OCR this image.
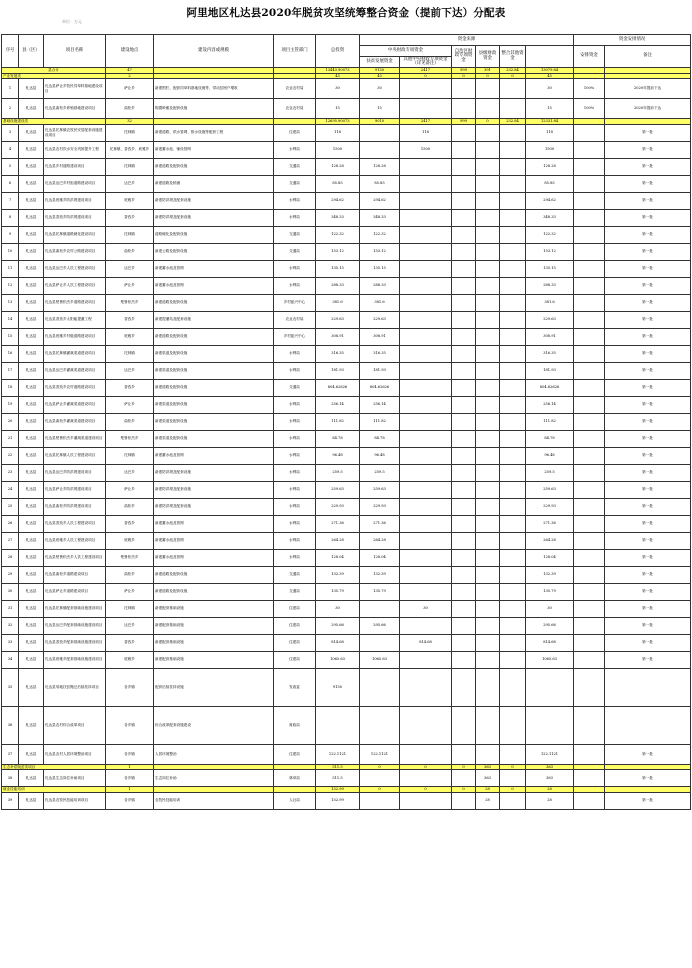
阿里地区札达县2020年脱贫攻坚统筹整合资金（提前下达）分配表
单位：万元
序号	县（区）	项目名称	建设地点	建设内容或规模	项目主管部门	总投资	资金来源						资金安排情况	
							中央财政专项资金		自治区财政专项资金	县级财政资金	整合其他资金		安排资金	备注
							扶贫发展资金	其他中央财政专项资金（详见备注）						
县合计			47			13443.90073	9150	2417	999	391	232.84	13079.84		
产业发展类			2			45	45	0	0	0	0	45		
1	札达县	札达县萨让乡牧民饲草料基地建设项目	萨让乡	新建围栏、配套饲草料基地设施等，带动贫困户增收	农业农村局	30	30					30	100%	2020年提前下达
2	札达县	札达县曲松乡养殖基地建设项目	曲松乡	购置种畜及配套设施	农业农村局	15	15					15	100%	2020年提前下达
基础设施建设类			32			12695.90073	9010	2417	999	0	232.84	12331.84		
3	札达县	札达县托林镇农牧民安居配套设施建设项目	托林镇	新建道路、供水管网、排水设施等配套工程	住建局	118		118				118		第一批
4	札达县	札达县农村饮水安全巩固提升工程	托林镇、香孜乡、底雅乡	新建蓄水池、铺设管网	水利局	1500		1500				1500		第一批
5	札达县	札达县乡村道路建设项目	托林镇	新建道路及配套设施	交通局	128.28	128.28					128.28		第一批
6	札达县	札达县达巴乡村组道路建设项目	达巴乡	新建道路及桥涵	交通局	85.85	85.85					85.85		第一批
7	札达县	札达县底雅乡防洪堤建设项目	底雅乡	新建防洪堤及配套设施	水利局	294.62	294.62					294.62		第一批
8	札达县	札达县香孜乡防洪堤建设项目	香孜乡	新建防洪堤及配套设施	水利局	348.33	348.33					348.33		第一批
9	札达县	札达县托林镇道路硬化建设项目	托林镇	道路硬化及配套设施	交通局	122.32	122.32					122.32		第一批
10	札达县	札达县曲松乡农村公路建设项目	曲松乡	新建公路及配套设施	交通局	153.12	153.12					153.12		第一批
11	札达县	札达县达巴乡人饮工程建设项目	达巴乡	新建蓄水池及管网	水利局	135.15	135.15					135.15		第一批
12	札达县	札达县萨让乡人饮工程建设项目	萨让乡	新建蓄水池及管网	水利局	288.33	288.33					288.33		第一批
13	札达县	札达县楚鲁松杰乡道路建设项目	楚鲁松杰乡	新建道路及配套设施	乡村振兴中心	381.6	381.6					381.6		第一批
14	札达县	札达县香孜乡太阳能提灌工程	香孜乡	新建提灌站及配套设施	农业农村局	229.63	229.63					229.63		第一批
15	札达县	札达县底雅乡村级道路建设项目	底雅乡	新建道路及配套设施	乡村振兴中心	308.91	308.91					308.91		第一批
16	札达县	札达县托林镇灌溉渠道建设项目	托林镇	新建渠道及配套设施	水利局	316.35	316.35					316.35		第一批
17	札达县	札达县达巴乡灌溉渠道建设项目	达巴乡	新建渠道及配套设施	水利局	181.93	181.93					181.93		第一批
18	札达县	札达县香孜乡农村道路建设项目	香孜乡	新建道路及配套设施	交通局	804.62626	804.62626					804.62626		第一批
19	札达县	札达县萨让乡灌溉渠道建设项目	萨让乡	新建渠道及配套设施	水利局	256.14	256.14					256.14		第一批
20	札达县	札达县曲松乡灌溉渠道建设项目	曲松乡	新建渠道及配套设施	水利局	111.82	111.82					111.82		第一批
21	札达县	札达县楚鲁松杰乡灌溉渠道建设项目	楚鲁松杰乡	新建渠道及配套设施	水利局	84.78	84.78					84.78		第一批
22	札达县	札达县托林镇人饮工程建设项目	托林镇	新建蓄水池及管网	水利局	96.48	96.48					96.48		第一批
23	札达县	札达县达巴乡防洪堤建设项目	达巴乡	新建防洪堤及配套设施	水利局	259.5	259.5					259.5		第一批
24	札达县	札达县萨让乡防洪堤建设项目	萨让乡	新建防洪堤及配套设施	水利局	259.63	259.63					259.63		第一批
25	札达县	札达县曲松乡防洪堤建设项目	曲松乡	新建防洪堤及配套设施	水利局	229.93	229.93					229.93		第一批
26	札达县	札达县香孜乡人饮工程建设项目	香孜乡	新建蓄水池及管网	水利局	271.36	271.36					271.36		第一批
27	札达县	札达县底雅乡人饮工程建设项目	底雅乡	新建蓄水池及管网	水利局	264.28	264.28					264.28		第一批
28	札达县	札达县楚鲁松杰乡人饮工程建设项目	楚鲁松杰乡	新建蓄水池及管网	水利局	128.04	128.04					128.04		第一批
29	札达县	札达县曲松乡道路建设项目	曲松乡	新建道路及配套设施	交通局	132.39	132.39					132.39		第一批
30	札达县	札达县萨让乡道路建设项目	萨让乡	新建道路及配套设施	交通局	135.79	135.79					135.79		第一批
31	札达县	札达县托林镇配套基础设施建设项目	托林镇	新建配套基础设施	住建局	30		30				30		第一批
32	札达县	札达县达巴乡配套基础设施建设项目	达巴乡	新建配套基础设施	住建局	295.66	295.66					295.66		第一批
33	札达县	札达县香孜乡配套基础设施建设项目	香孜乡	新建配套基础设施	住建局	814.68		814.68				814.68		第一批
34	札达县	札达县底雅乡配套基础设施建设项目	底雅乡	新建配套基础设施	住建局	1065.63	1065.63					1065.63		第一批
35	札达县	札达县易地扶贫搬迁后续扶持项目	各乡镇	配套后续扶持设施	发改委	9150								
36	札达县	札达县农村综合改革项目	各乡镇	综合改革配套设施建设	财政局									
37	札达县	札达县农村人居环境整治项目	各乡镇	人居环境整治	住建局	122.1121	122.1121					122.1121		第一批
生态补偿脱贫类项目			1			511.5	0	0	0	363	0	363		
38	札达县	札达县生态岗位补助项目	各乡镇	生态岗位补助	林草局	511.5				363		363		第一批
就业技能培训			1			152.99	0	0	0	28	0	28		
39	札达县	札达县农牧民技能培训项目	各乡镇	农牧民技能培训	人社局	152.99				28		28		第一批
